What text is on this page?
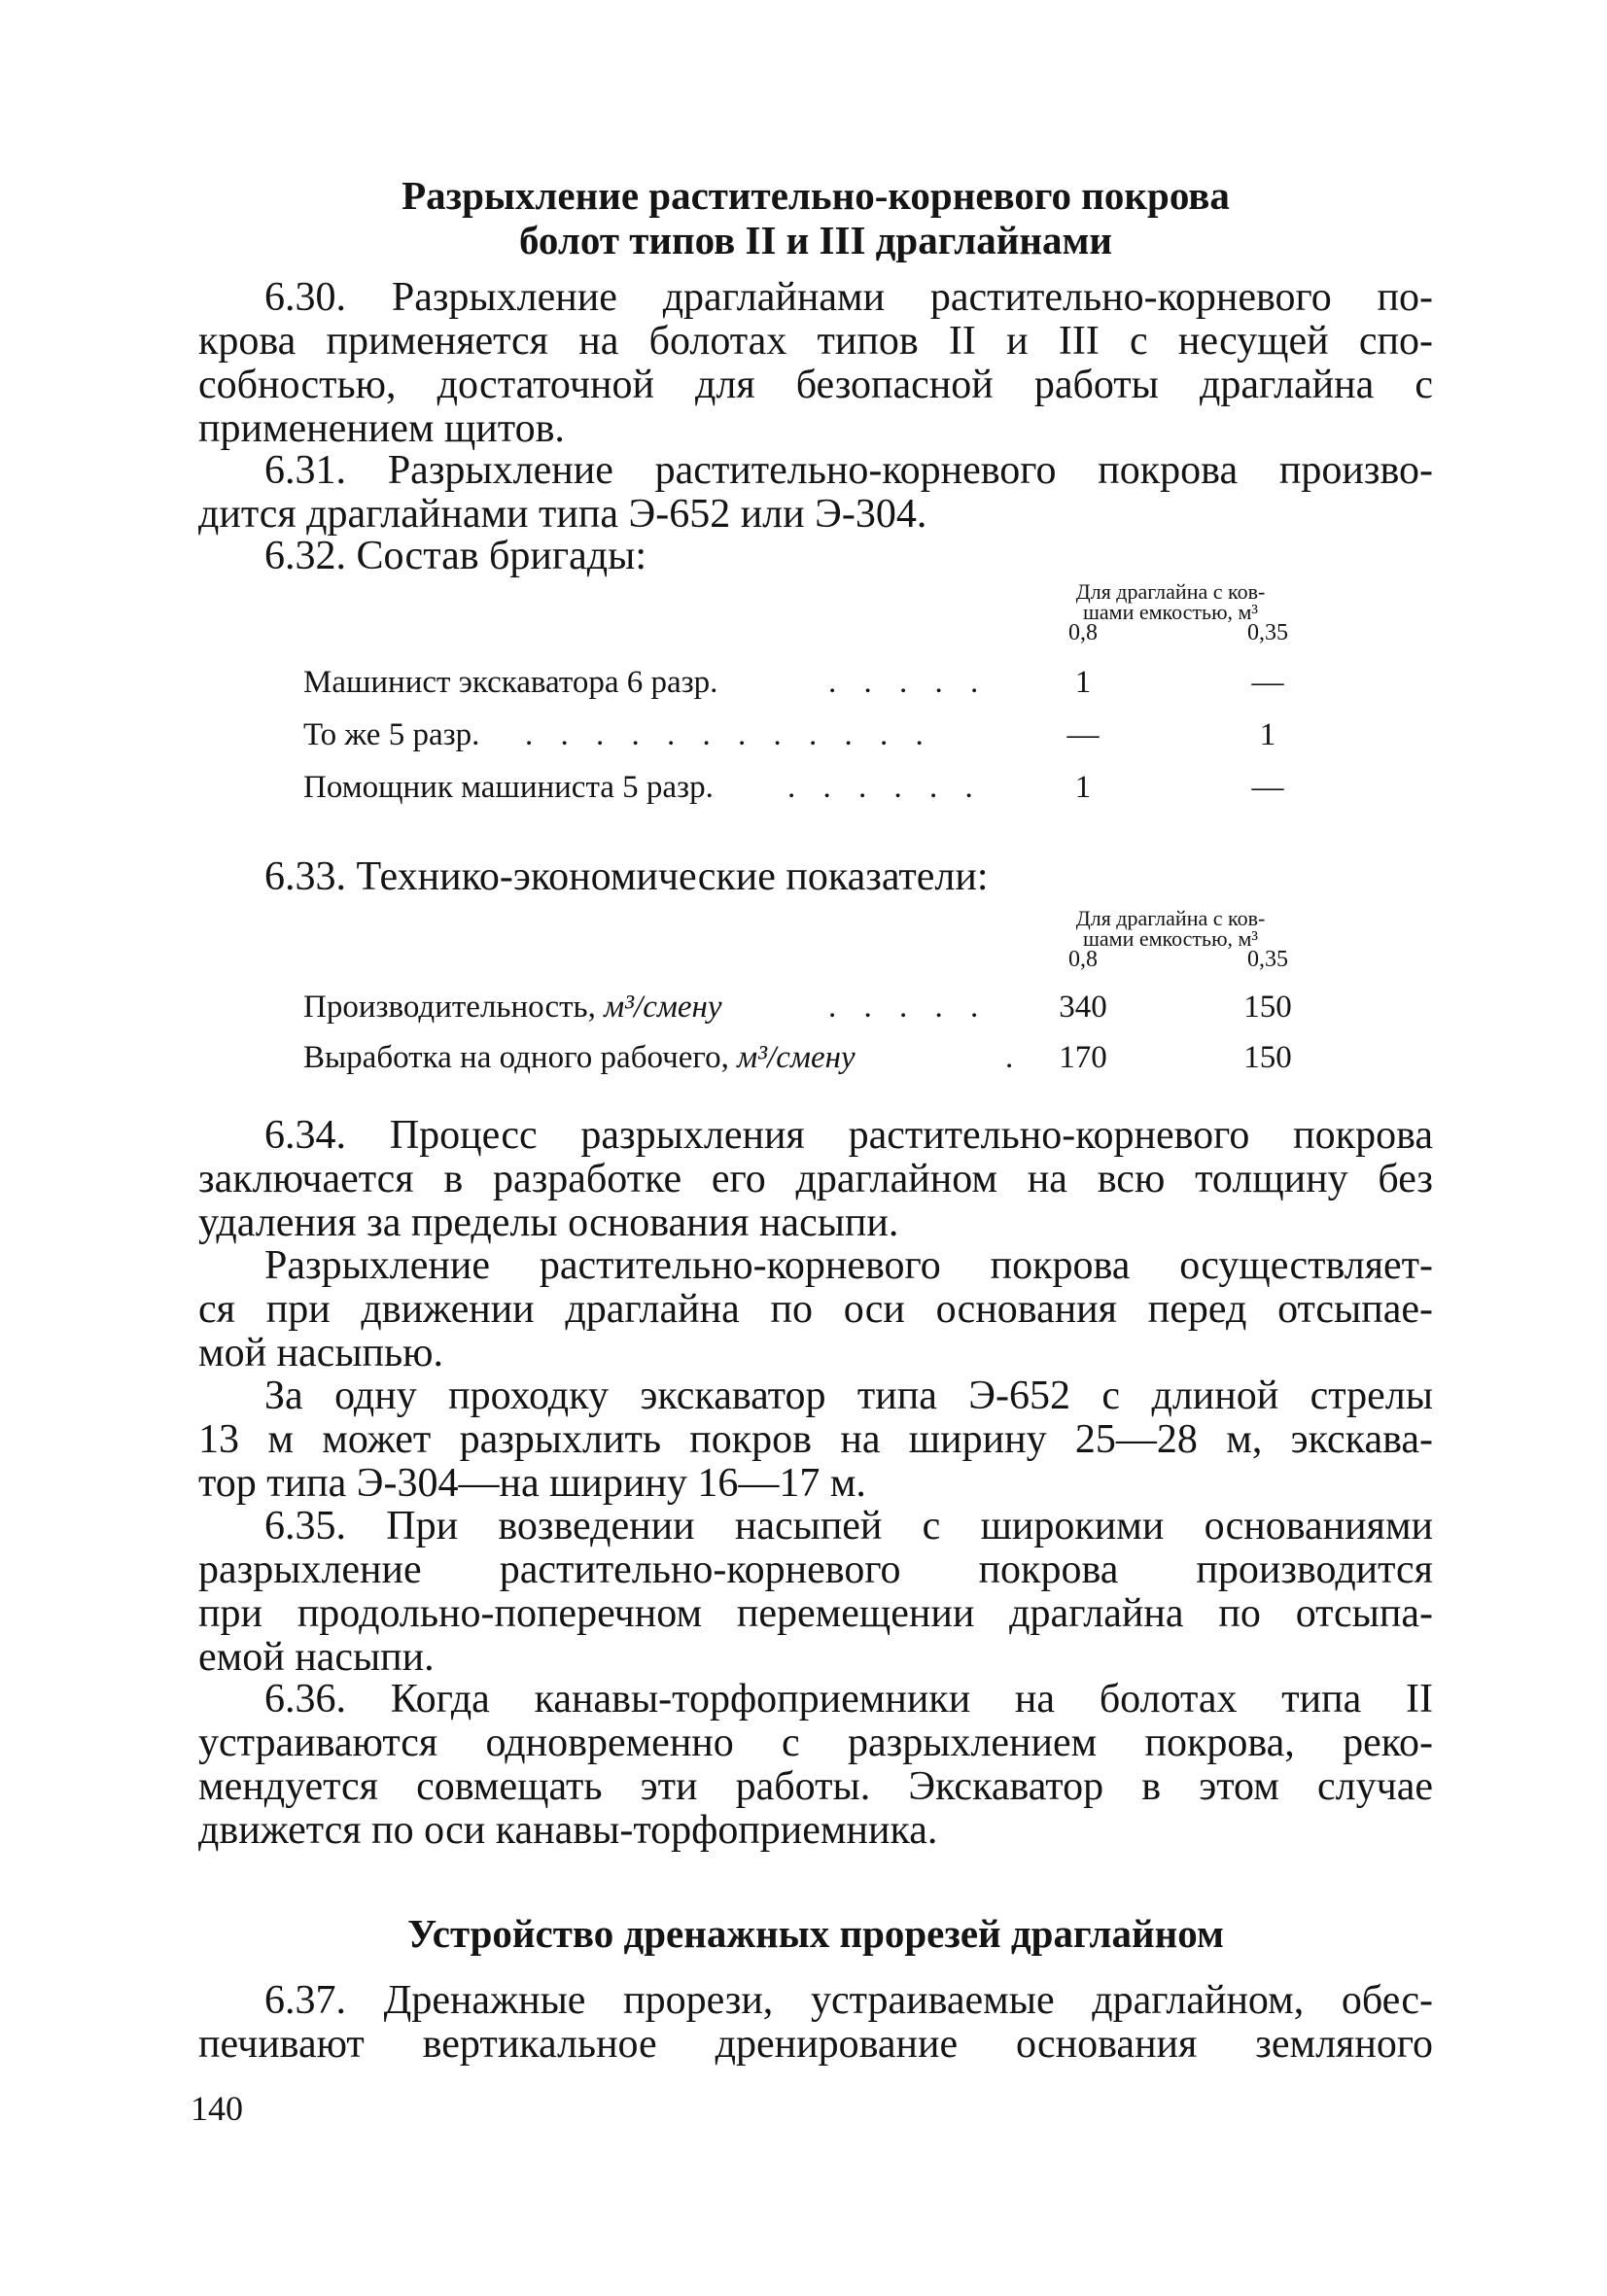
Разрыхление растительно-корневого покрова
болот типов II и III драглайнами
6.30. Разрыхление драглайнами растительно-корневого по-
крова применяется на болотах типов II и III с несущей спо-
собностью, достаточной для безопасной работы драглайна с
применением щитов.
6.31. Разрыхление растительно-корневого покрова произво-
дится драглайнами типа Э-652 или Э-304.
6.32. Состав бригады:
Для драглайна с ков-
шами емкостью, м³
0,8	0,35
Машинист экскаватора 6 разр.	. . . . .	1	—
То же 5 разр. . . . . . . . . . . . .	—	1
Помощник машиниста 5 разр. . . . . . .	1	—
6.33. Технико-экономические показатели:
Для драглайна с ков-
шами емкостью, м³
0,8	0,35
Производительность, м³/смену	. . . . .	340	150
Выработка на одного рабочего, м³/смену	.	170	150
6.34. Процесс разрыхления растительно-корневого покрова
заключается в разработке его драглайном на всю толщину без
удаления за пределы основания насыпи.
Разрыхление растительно-корневого покрова осуществляет-
ся при движении драглайна по оси основания перед отсыпае-
мой насыпью.
За одну проходку экскаватор типа Э-652 с длиной стрелы
13 м может разрыхлить покров на ширину 25—28 м, экскава-
тор типа Э-304—на ширину 16—17 м.
6.35. При возведении насыпей с широкими основаниями
разрыхление растительно-корневого покрова производится
при продольно-поперечном перемещении драглайна по отсыпа-
емой насыпи.
6.36. Когда канавы-торфоприемники на болотах типа II
устраиваются одновременно с разрыхлением покрова, реко-
мендуется совмещать эти работы. Экскаватор в этом случае
движется по оси канавы-торфоприемника.
Устройство дренажных прорезей драглайном
6.37. Дренажные прорези, устраиваемые драглайном, обес-
печивают вертикальное дренирование основания земляного
140
